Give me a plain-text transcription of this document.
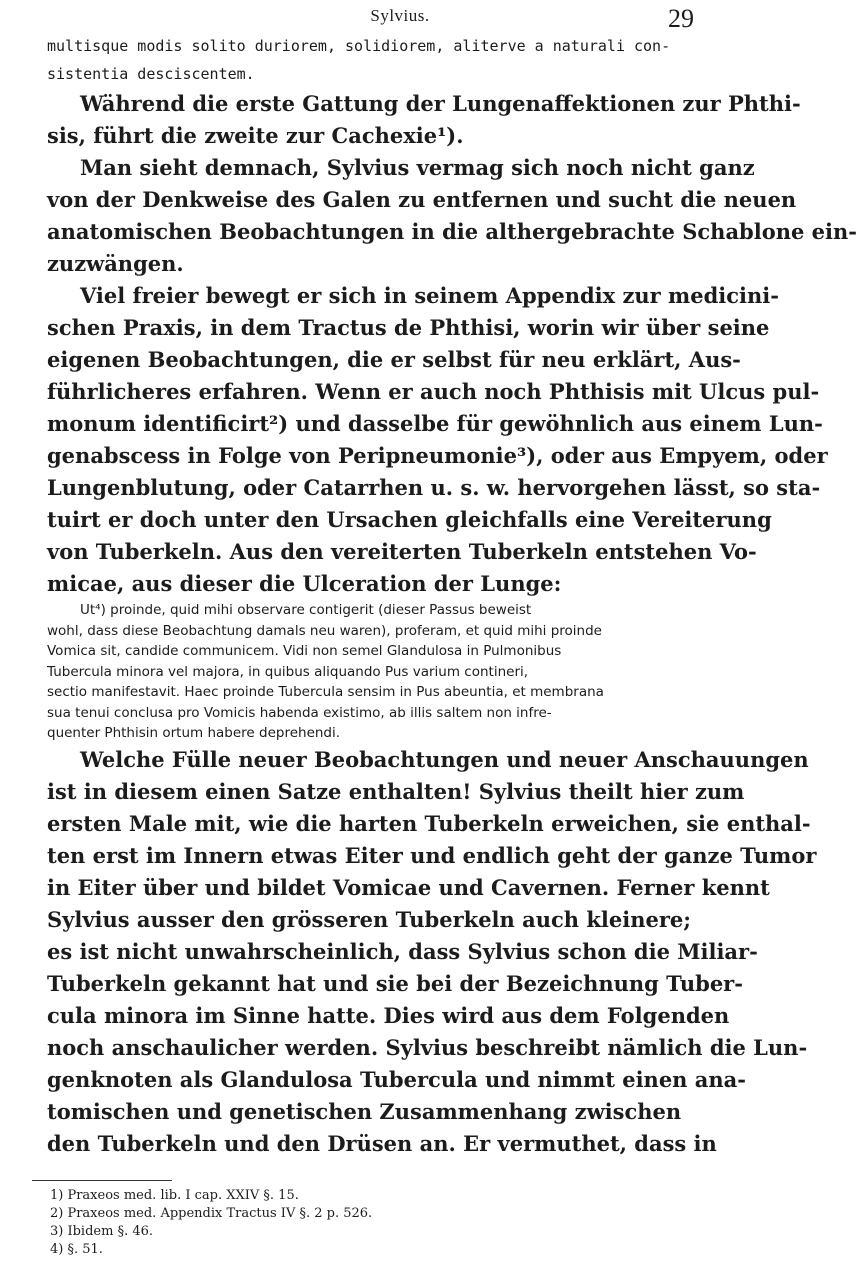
Sylvius.	29
multisque modis solito duriorem, solidiorem, aliterve a naturali con-
sistentia desciscentem.
Während die erste Gattung der Lungenaffektionen zur Phthi-
sis, führt die zweite zur Cachexie¹).
Man sieht demnach, Sylvius vermag sich noch nicht ganz
von der Denkweise des Galen zu entfernen und sucht die neuen
anatomischen Beobachtungen in die althergebrachte Schablone ein-
zuzwängen.
Viel freier bewegt er sich in seinem Appendix zur medicini-
schen Praxis, in dem Tractus de Phthisi, worin wir über seine
eigenen Beobachtungen, die er selbst für neu erklärt, Aus-
führlicheres erfahren. Wenn er auch noch Phthisis mit Ulcus pul-
monum identificirt²) und dasselbe für gewöhnlich aus einem Lun-
genabscess in Folge von Peripneumonie³), oder aus Empyem, oder
Lungenblutung, oder Catarrhen u. s. w. hervorgehen lässt, so sta-
tuirt er doch unter den Ursachen gleichfalls eine Vereiterung
von Tuberkeln. Aus den vereiterten Tuberkeln entstehen Vo-
micae, aus dieser die Ulceration der Lunge:
Ut⁴) proinde, quid mihi observare contigerit (dieser Passus beweist
wohl, dass diese Beobachtung damals neu waren), proferam, et quid mihi proinde
Vomica sit, candide communicem. Vidi non semel Glandulosa in Pulmonibus
Tubercula minora vel majora, in quibus aliquando Pus varium contineri,
sectio manifestavit. Haec proinde Tubercula sensim in Pus abeuntia, et membrana
sua tenui conclusa pro Vomicis habenda existimo, ab illis saltem non infre-
quenter Phthisin ortum habere deprehendi.
Welche Fülle neuer Beobachtungen und neuer Anschauungen
ist in diesem einen Satze enthalten! Sylvius theilt hier zum
ersten Male mit, wie die harten Tuberkeln erweichen, sie enthal-
ten erst im Innern etwas Eiter und endlich geht der ganze Tumor
in Eiter über und bildet Vomicae und Cavernen. Ferner kennt
Sylvius ausser den grösseren Tuberkeln auch kleinere;
es ist nicht unwahrscheinlich, dass Sylvius schon die Miliar-
Tuberkeln gekannt hat und sie bei der Bezeichnung Tuber-
cula minora im Sinne hatte. Dies wird aus dem Folgenden
noch anschaulicher werden. Sylvius beschreibt nämlich die Lun-
genknoten als Glandulosa Tubercula und nimmt einen ana-
tomischen und genetischen Zusammenhang zwischen
den Tuberkeln und den Drüsen an. Er vermuthet, dass in
1) Praxeos med. lib. I cap. XXIV §. 15.
2) Praxeos med. Appendix Tractus IV §. 2 p. 526.
3) Ibidem §. 46.
4) §. 51.
